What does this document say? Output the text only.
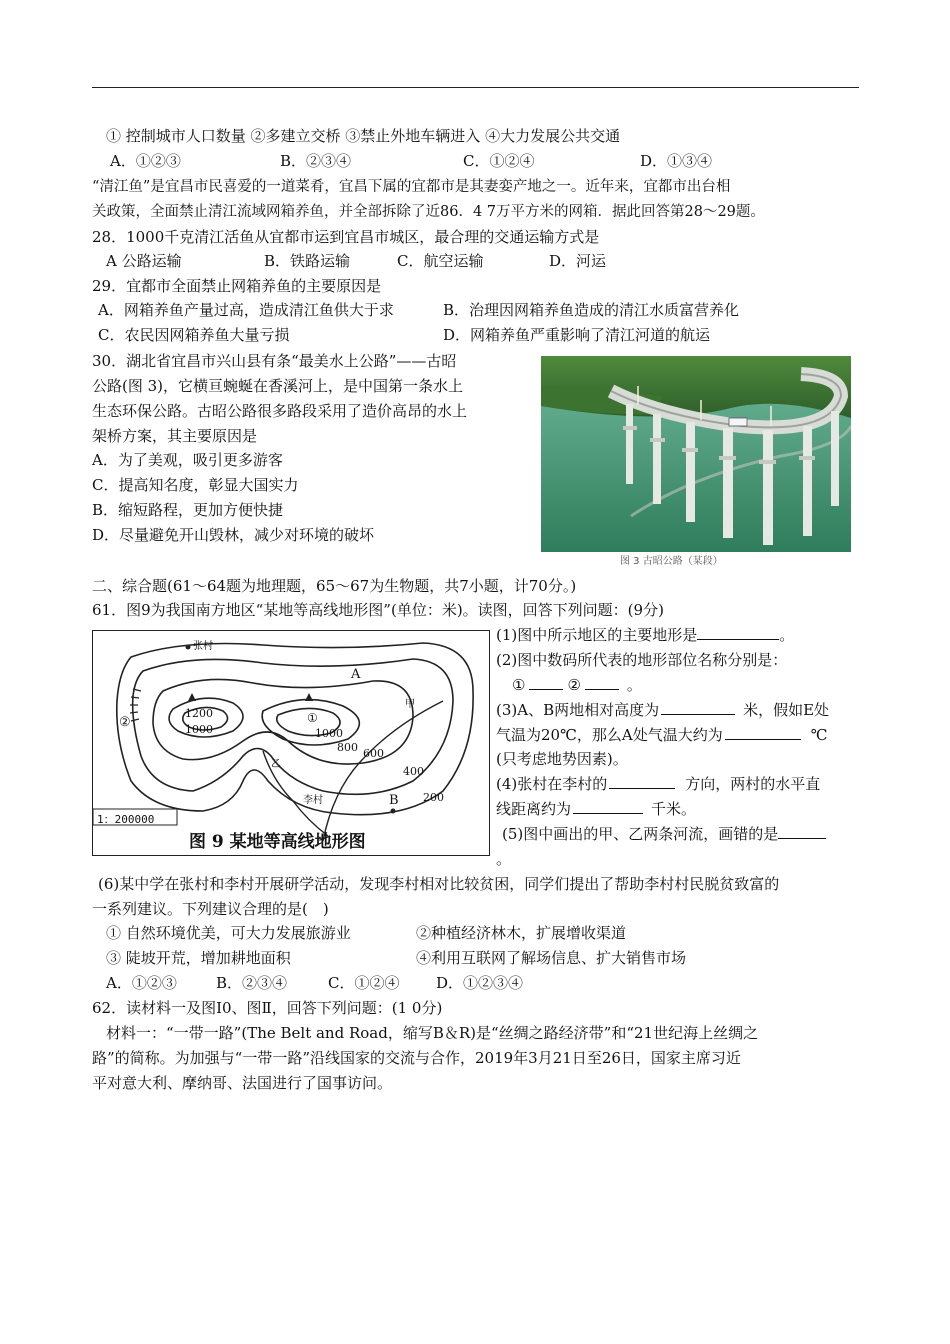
① 控制城市人口数量 ②多建立交桥 ③禁止外地车辆进入 ④大力发展公共交通
A．①②③	B．②③④	C．①②④	D．①③④
“清江鱼”是宜昌市民喜爱的一道菜肴，宜昌下属的宜都市是其妻娈产地之一。近年来，宜都市出台相
关政策，全面禁止清江流域网箱养鱼，并全部拆除了近86．4 7万平方米的网箱．据此回答第28～29题。
28．1000千克清江活鱼从宜都市运到宜昌市城区，最合理的交通运输方式是
A 公路运输	B．铁路运输	C．航空运输	D．河运
29．宜都市全面禁止网箱养鱼的主要原因是
A．网箱养鱼产量过高，造成清江鱼供大于求	B．治理因网箱养鱼造成的清江水质富营养化
C．农民因网箱养鱼大量亏损	D．网箱养鱼严重影响了清江河道的航运
30．湖北省宜昌市兴山县有条“最美水上公路”——古昭
公路(图 3)，它横亘蜿蜒在香溪河上，是中国第一条水上
生态环保公路。古昭公路很多路段采用了造价高昂的水上
架桥方案，其主要原因是
A．为了美观，吸引更多游客
C．提高知名度，彰显大国实力
B．缩短路程，更加方便快捷
D．尽量避免开山毁林，减少对环境的破坏
图 3 古昭公路（某段）
二、综合题(61～64题为地理题，65～67为生物题，共7小题，计70分。)
61．图9为我国南方地区“某地等高线地形图”(单位：米)。读图，回答下列问题：(9分)
张村
李村
A
B
1200
1000	1000
800 600
400
200
①
②
甲
乙
1：200000
图 9 某地等高线地形图
(1)图中所示地区的主要地形是	。
(2)图中数码所代表的地形部位名称分别是：
①	②	。
(3)A、B两地相对高度为	米，假如E处
气温为20℃，那么A处气温大约为	℃
(只考虑地势因素)。
(4)张村在李村的	方向，两村的水平直
线距离约为	千米。
(5)图中画出的甲、乙两条河流，画错的是
。
(6)某中学在张村和李村开展研学活动，发现李村相对比较贫困，同学们提出了帮助李村村民脱贫致富的
一系列建议。下列建议合理的是(　)
① 自然环境优美，可大力发展旅游业	②种植经济林木，扩展增收渠道
③ 陡坡开荒，增加耕地面积	④利用互联网了解场信息、扩大销售市场
A．①②③	B．②③④	C．①②④ D．①②③④
62．读材料一及图Ⅰ0、图Ⅱ，回答下列问题：(1 0分)
材料一：“一带一路”(The Belt and Road，缩写B＆R)是“丝绸之路经济带”和“21世纪海上丝绸之
路”的简称。为加强与“一带一路”沿线国家的交流与合作，2019年3月21日至26日，国家主席习近
平对意大利、摩纳哥、法国进行了国事访问。
